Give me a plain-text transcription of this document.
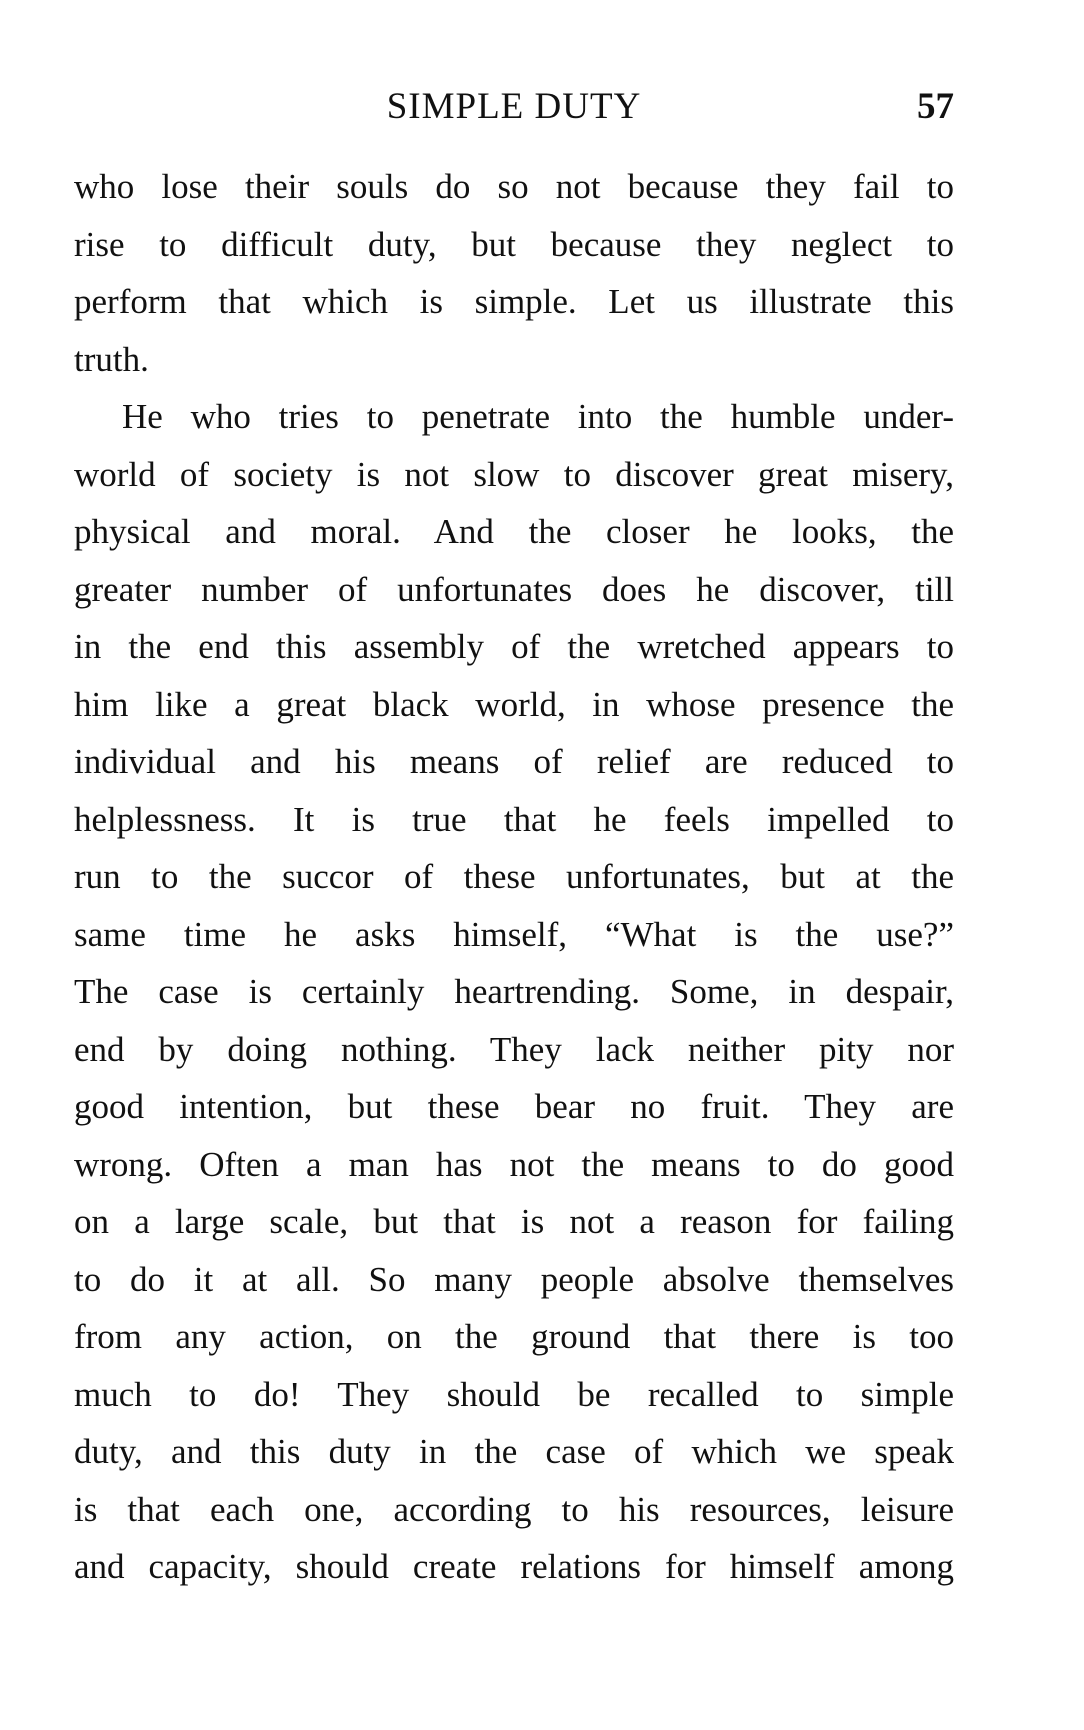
SIMPLE DUTY	57
who lose their souls do so not because they fail to
rise to difficult duty, but because they neglect to
perform that which is simple. Let us illustrate this
truth.
He who tries to penetrate into the humble under-
world of society is not slow to discover great misery,
physical and moral. And the closer he looks, the
greater number of unfortunates does he discover, till
in the end this assembly of the wretched appears to
him like a great black world, in whose presence the
individual and his means of relief are reduced to
helplessness. It is true that he feels impelled to
run to the succor of these unfortunates, but at the
same time he asks himself, “What is the use?”
The case is certainly heartrending. Some, in despair,
end by doing nothing. They lack neither pity nor
good intention, but these bear no fruit. They are
wrong. Often a man has not the means to do good
on a large scale, but that is not a reason for failing
to do it at all. So many people absolve themselves
from any action, on the ground that there is too
much to do! They should be recalled to simple
duty, and this duty in the case of which we speak
is that each one, according to his resources, leisure
and capacity, should create relations for himself among
